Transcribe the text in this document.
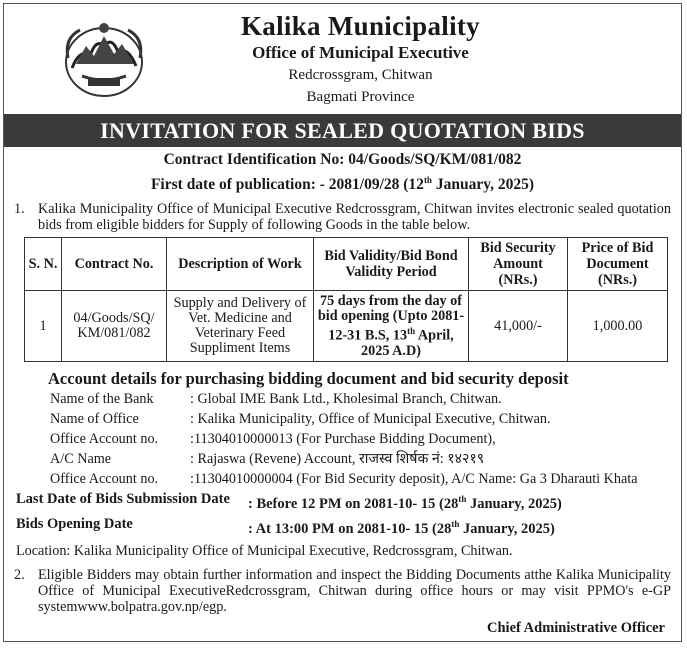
Kalika Municipality
Office of Municipal Executive
Redcrossgram, Chitwan
Bagmati Province
INVITATION FOR SEALED QUOTATION BIDS
Contract Identification No: 04/Goods/SQ/KM/081/082
First date of publication: - 2081/09/28 (12th January, 2025)
1. Kalika Municipality Office of Municipal Executive Redcrossgram, Chitwan invites electronic sealed quotation bids from eligible bidders for Supply of following Goods in the table below.
S. N.	Contract No.	Description of Work	Bid Validity/Bid Bond Validity Period	Bid Security Amount (NRs.)	Price of Bid Document (NRs.)
1	04/Goods/SQ/ KM/081/082	Supply and Delivery of Vet. Medicine and Veterinary Feed Suppliment Items	75 days from the day of bid opening (Upto 2081-12-31 B.S, 13th April, 2025 A.D)	41,000/-	1,000.00
Account details for purchasing bidding document and bid security deposit
Name of the Bank	: Global IME Bank Ltd., Kholesimal Branch, Chitwan.
Name of Office	: Kalika Municipality, Office of Municipal Executive, Chitwan.
Office Account no.	:11304010000013 (For Purchase Bidding Document),
A/C Name	: Rajaswa (Revene) Account, राजस्व शिर्षक नं: १४२१९
Office Account no.	:11304010000004 (For Bid Security deposit), A/C Name: Ga 3 Dharauti Khata
Last Date of Bids Submission Date	: Before 12 PM on 2081-10- 15 (28th January, 2025)
Bids Opening Date	: At 13:00 PM on 2081-10- 15 (28th January, 2025)
Location: Kalika Municipality Office of Municipal Executive, Redcrossgram, Chitwan.
2. Eligible Bidders may obtain further information and inspect the Bidding Documents atthe Kalika Municipality Office of Municipal ExecutiveRedcrossgram, Chitwan during office hours or may visit PPMO's e-GP systemwww.bolpatra.gov.np/egp.
Chief Administrative Officer
